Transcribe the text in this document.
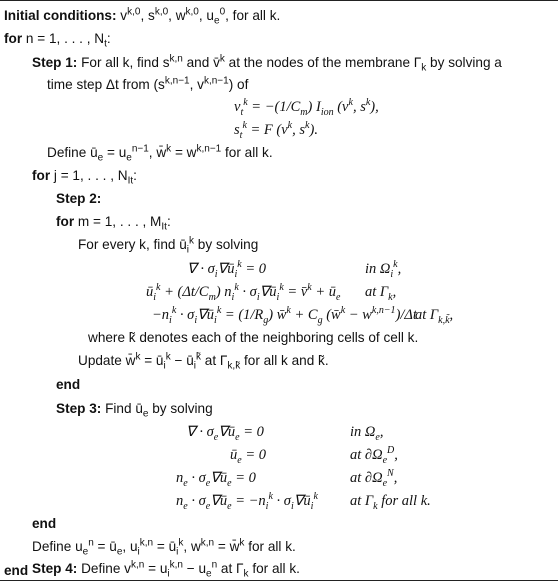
Initial conditions: $v^{k,0}$, $s^{k,0}$, $w^{k,0}$, $u_e^0$, for all k.
for n = 1, . . . , $N_t$:
Step 1: For all k, find $s^{k,n}$ and v̄$^k$ at the nodes of the membrane $\Gamma_k$ by solving a
time step Δt from ($s^{k,n-1}$, $v^{k,n-1}$) of
$v_t^k = -(1/C_m)$ $I_{ion}$ ($v^k$, $s^k$),
$s_t^k = F$ ($v^k$, $s^k$).
Define $ū_e = u_e^{n-1}$, w̄$^k$ = $w^{k,n-1}$ for all k.
for j = 1, . . . , $N_{It}$:
Step 2:
for m = 1, . . . , $M_{It}$:
For every k, find $ū_i^k$ by solving
∇ · $\sigma_i\nabla ū_i^k = 0$	in $\Omega_i^k$,
$ū_i^k + (\Delta t/C_m) n_i^k$ · $\sigma_i\nabla ū_i^k$ = v̄$^k$ + $ū_e$ at $\Gamma_k$,
$-n_i^k$ · $\sigma_i\nabla ū_i^k = (1/R_g)$ w̄$^k$ + $C_g$ (w̄$^k$ − $w^{k,n-1})/\Delta t$
at $\Gamma_{k,k̃}$,
where k̃ denotes each of the neighboring cells of cell k.
Update w̄$^k$ = $ū_i^k$ − $ū_i^{k̃}$ at $\Gamma_{k,k̃}$ for all k and k̃.
end
Step 3: Find $ū_e$ by solving
∇ · $\sigma_e\nabla ū_e = 0$	in $\Omega_e$,
$ū_e = 0$	at $\partial\Omega_e^D$,
$n_e$ · $\sigma_e\nabla ū_e = 0$	at $\partial\Omega_e^N$,
$n_e$ · $\sigma_e\nabla ū_e = -n_i^k$ · $\sigma_i\nabla ū_i^k$ at $\Gamma_k$ for all k.
end
Define $u_e^n$ = $ū_e$, $u_i^{k,n}$ = $ū_i^k$, $w^{k,n}$ = w̄$^k$ for all k.
Step 4: Define $v^{k,n} = u_i^{k,n} - u_e^n$ at $\Gamma_k$ for all k.
end
